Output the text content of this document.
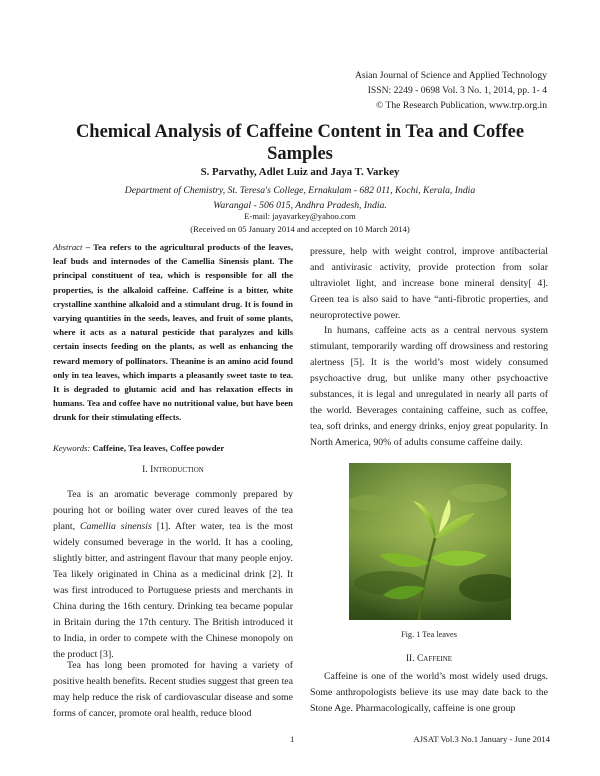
Asian Journal of Science and Applied Technology
ISSN: 2249 - 0698 Vol. 3 No. 1, 2014, pp. 1- 4
© The Research Publication, www.trp.org.in
Chemical Analysis of Caffeine Content in Tea and Coffee Samples
S. Parvathy, Adlet Luiz and Jaya T. Varkey
Department of Chemistry, St. Teresa's College, Ernakulam - 682 011, Kochi, Kerala, India
Warangal - 506 015, Andhra Pradesh, India.
E-mail: jayavarkey@yahoo.com
(Received on 05 January 2014 and accepted on 10 March 2014)
Abstract – Tea refers to the agricultural products of the leaves, leaf buds and internodes of the Camellia Sinensis plant. The principal constituent of tea, which is responsible for all the properties, is the alkaloid caffeine. Caffeine is a bitter, white crystalline xanthine alkaloid and a stimulant drug. It is found in varying quantities in the seeds, leaves, and fruit of some plants, where it acts as a natural pesticide that paralyzes and kills certain insects feeding on the plants, as well as enhancing the reward memory of pollinators. Theanine is an amino acid found only in tea leaves, which imparts a pleasantly sweet taste to tea. It is degraded to glutamic acid and has relaxation effects in humans. Tea and coffee have no nutritional value, but have been drunk for their stimulating effects.
Keywords: Caffeine, Tea leaves, Coffee powder
I. Introduction

Tea is an aromatic beverage commonly prepared by pouring hot or boiling water over cured leaves of the tea plant, Camellia sinensis [1]. After water, tea is the most widely consumed beverage in the world. It has a cooling, slightly bitter, and astringent flavour that many people enjoy. Tea likely originated in China as a medicinal drink [2]. It was first introduced to Portuguese priests and merchants in China during the 16th century. Drinking tea became popular in Britain during the 17th century. The British introduced it to India, in order to compete with the Chinese monopoly on the product [3].

Tea has long been promoted for having a variety of positive health benefits. Recent studies suggest that green tea may help reduce the risk of cardiovascular disease and some forms of cancer, promote oral health, reduce blood

pressure, help with weight control, improve antibacterial and antivirasic activity, provide protection from solar ultraviolet light, and increase bone mineral density[ 4]. Green tea is also said to have “anti-fibrotic properties, and neuroprotective power.

In humans, caffeine acts as a central nervous system stimulant, temporarily warding off drowsiness and restoring alertness [5]. It is the world’s most widely consumed psychoactive drug, but unlike many other psychoactive substances, it is legal and unregulated in nearly all parts of the world. Beverages containing caffeine, such as coffee, tea, soft drinks, and energy drinks, enjoy great popularity. In North America, 90% of adults consume caffeine daily.

Fig. 1 Tea leaves
II. Caffeine

Caffeine is one of the world’s most widely used drugs. Some anthropologists believe its use may date back to the Stone Age. Pharmacologically, caffeine is one group

1	AJSAT Vol.3 No.1 January - June 2014
